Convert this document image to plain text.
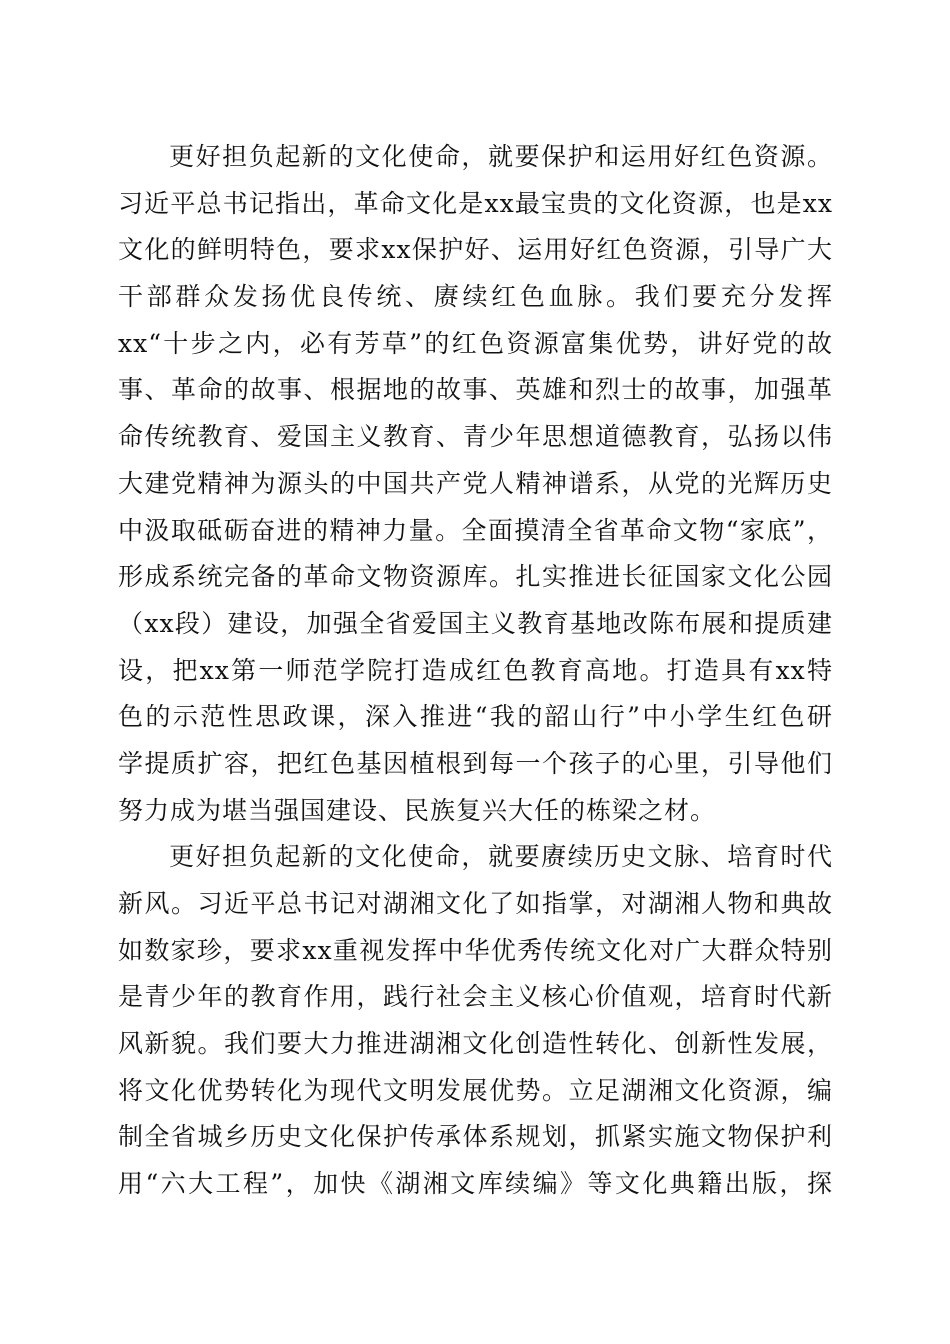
更好担负起新的文化使命，就要保护和运用好红色资源。
习近平总书记指出，革命文化是xx最宝贵的文化资源，也是xx
文化的鲜明特色，要求xx保护好、运用好红色资源，引导广大
干部群众发扬优良传统、赓续红色血脉。我们要充分发挥
xx“十步之内，必有芳草”的红色资源富集优势，讲好党的故
事、革命的故事、根据地的故事、英雄和烈士的故事，加强革
命传统教育、爱国主义教育、青少年思想道德教育，弘扬以伟
大建党精神为源头的中国共产党人精神谱系，从党的光辉历史
中汲取砥砺奋进的精神力量。全面摸清全省革命文物“家底”，
形成系统完备的革命文物资源库。扎实推进长征国家文化公园
（xx段）建设，加强全省爱国主义教育基地改陈布展和提质建
设，把xx第一师范学院打造成红色教育高地。打造具有xx特
色的示范性思政课，深入推进“我的韶山行”中小学生红色研
学提质扩容，把红色基因植根到每一个孩子的心里，引导他们
努力成为堪当强国建设、民族复兴大任的栋梁之材。
更好担负起新的文化使命，就要赓续历史文脉、培育时代
新风。习近平总书记对湖湘文化了如指掌，对湖湘人物和典故
如数家珍，要求xx重视发挥中华优秀传统文化对广大群众特别
是青少年的教育作用，践行社会主义核心价值观，培育时代新
风新貌。我们要大力推进湖湘文化创造性转化、创新性发展，
将文化优势转化为现代文明发展优势。立足湖湘文化资源，编
制全省城乡历史文化保护传承体系规划，抓紧实施文物保护利
用“六大工程”，加快《湖湘文库续编》等文化典籍出版，探
